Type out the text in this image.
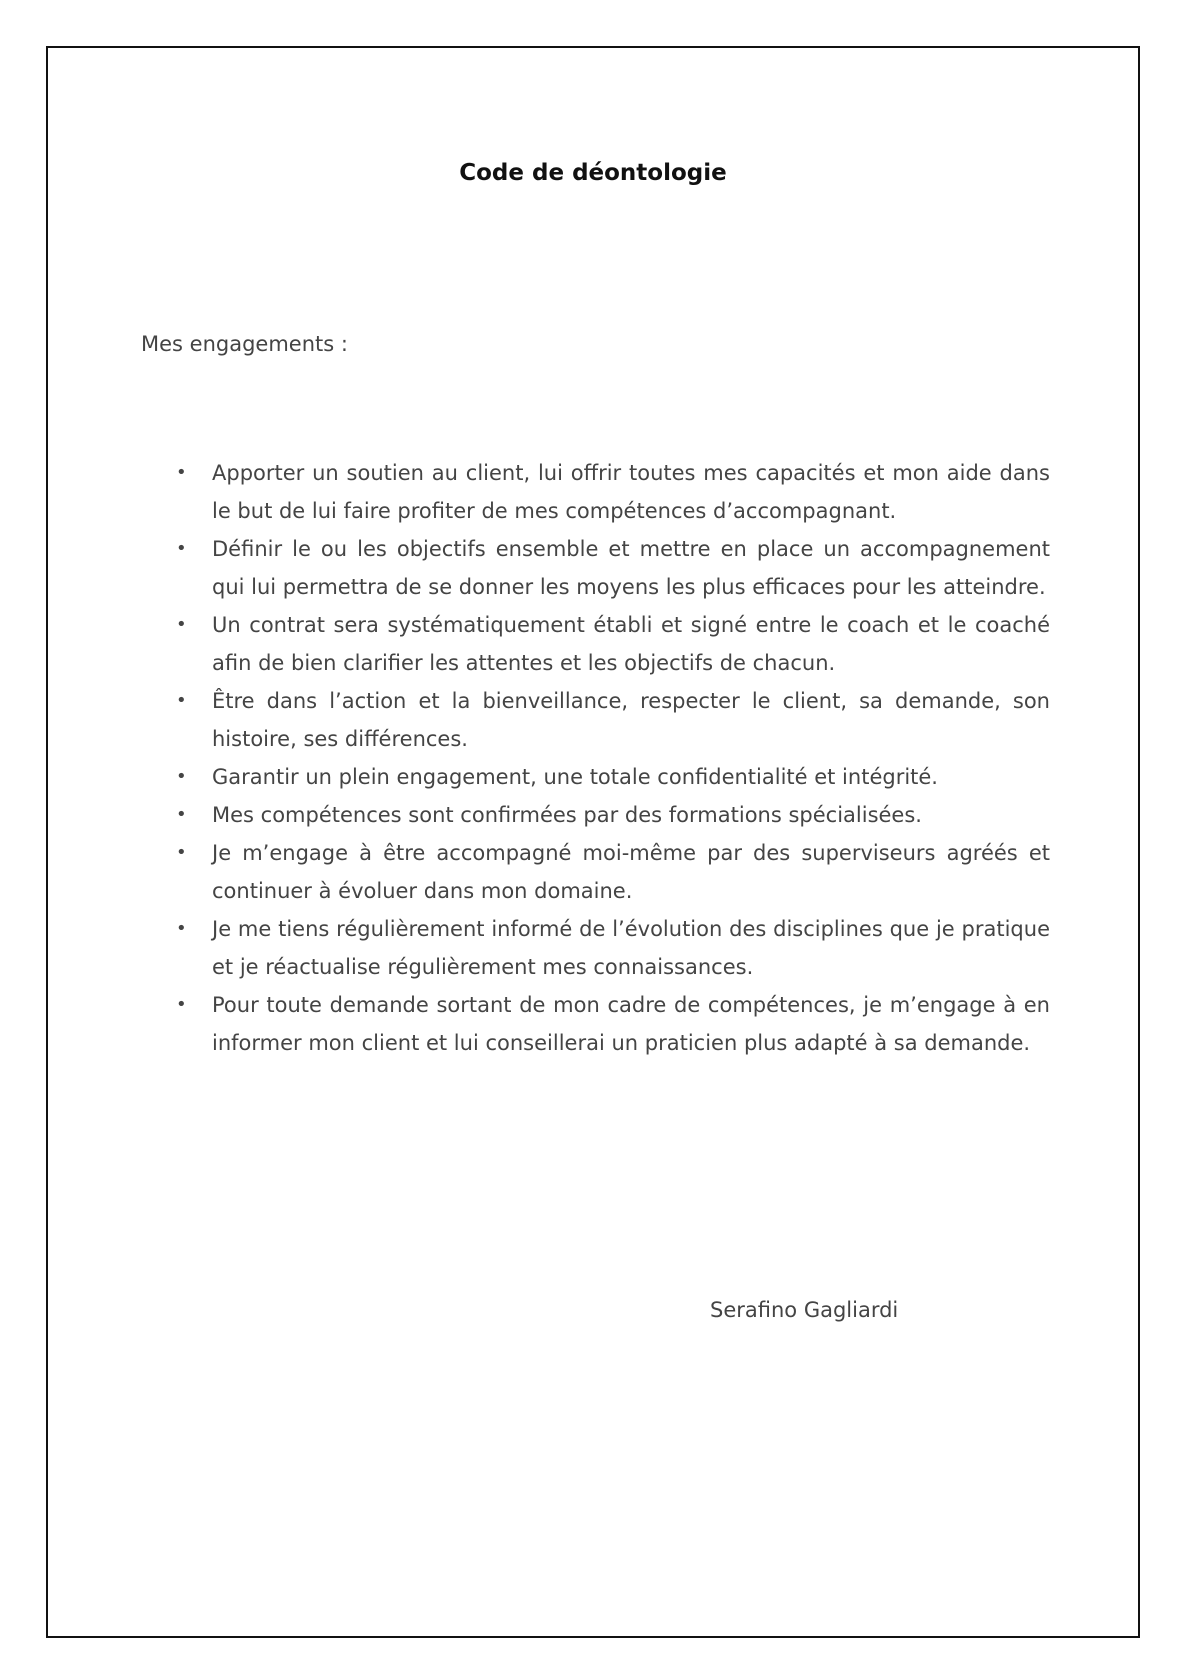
Code de déontologie

Mes engagements :

•	Apporter un soutien au client, lui offrir toutes mes capacités et mon aide dans le but de lui faire profiter de mes compétences d’accompagnant.
•	Définir le ou les objectifs ensemble et mettre en place un accompagnement qui lui permettra de se donner les moyens les plus efficaces pour les atteindre.
•	Un contrat sera systématiquement établi et signé entre le coach et le coaché afin de bien clarifier les attentes et les objectifs de chacun.
•	Être dans l’action et la bienveillance, respecter le client, sa demande, son histoire, ses différences.
•	Garantir un plein engagement, une totale confidentialité et intégrité.
•	Mes compétences sont confirmées par des formations spécialisées.
•	Je m’engage à être accompagné moi-même par des superviseurs agréés et continuer à évoluer dans mon domaine.
•	Je me tiens régulièrement informé de l’évolution des disciplines que je pratique et je réactualise régulièrement mes connaissances.
•	Pour toute demande sortant de mon cadre de compétences, je m’engage à en informer mon client et lui conseillerai un praticien plus adapté à sa demande.

Serafino Gagliardi
